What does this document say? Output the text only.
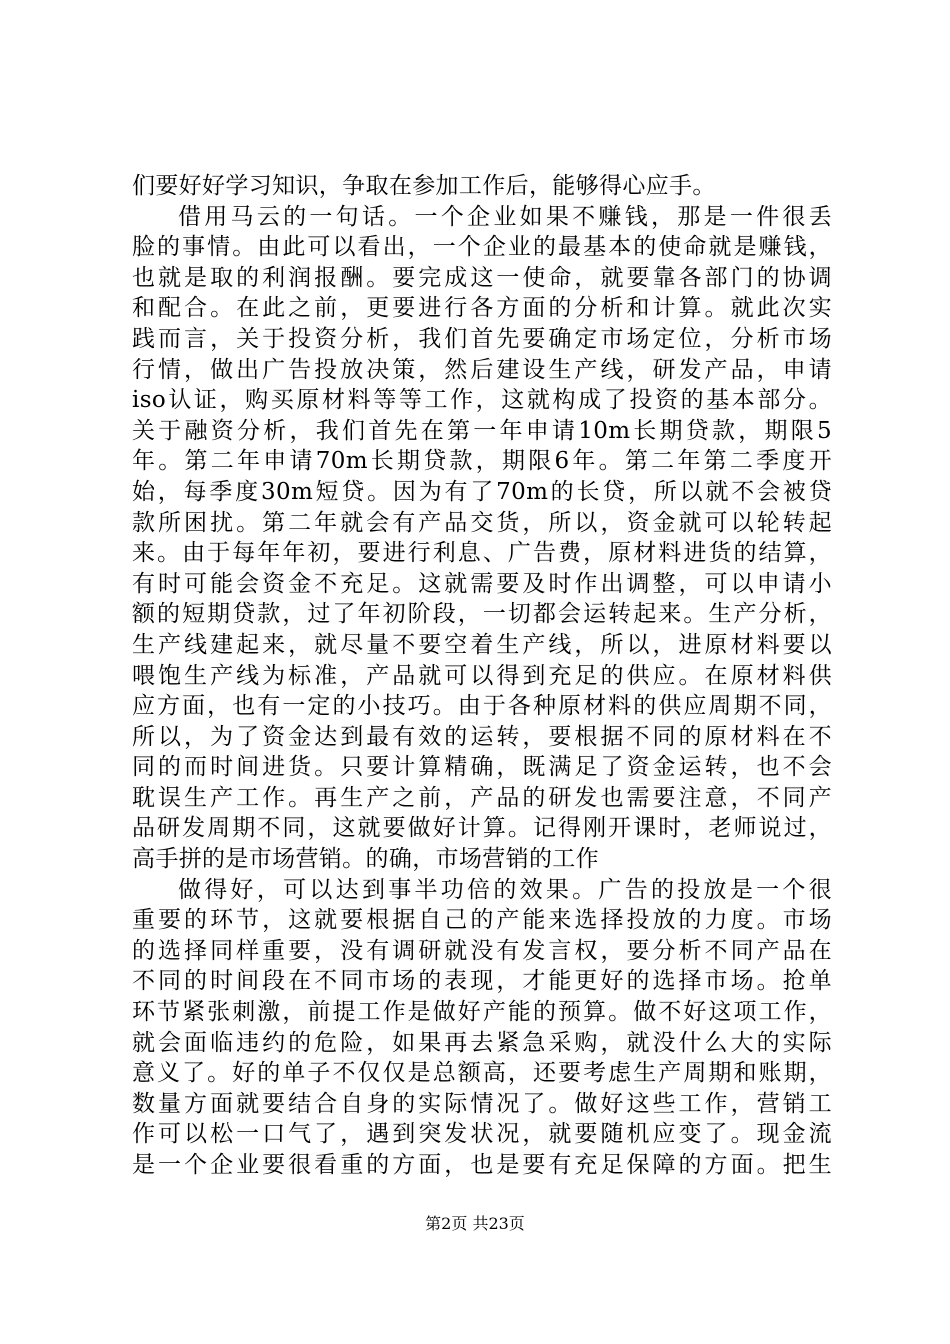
们要好好学习知识，争取在参加工作后，能够得心应手。
借用马云的一句话。一个企业如果不赚钱，那是一件很丢
脸的事情。由此可以看出，一个企业的最基本的使命就是赚钱，
也就是取的利润报酬。要完成这一使命，就要靠各部门的协调
和配合。在此之前，更要进行各方面的分析和计算。就此次实
践而言，关于投资分析，我们首先要确定市场定位，分析市场
行情，做出广告投放决策，然后建设生产线，研发产品，申请
iso认证，购买原材料等等工作，这就构成了投资的基本部分。
关于融资分析，我们首先在第一年申请10m长期贷款，期限5
年。第二年申请70m长期贷款，期限6年。第二年第二季度开
始，每季度30m短贷。因为有了70m的长贷，所以就不会被贷
款所困扰。第二年就会有产品交货，所以，资金就可以轮转起
来。由于每年年初，要进行利息、广告费，原材料进货的结算，
有时可能会资金不充足。这就需要及时作出调整，可以申请小
额的短期贷款，过了年初阶段，一切都会运转起来。生产分析，
生产线建起来，就尽量不要空着生产线，所以，进原材料要以
喂饱生产线为标准，产品就可以得到充足的供应。在原材料供
应方面，也有一定的小技巧。由于各种原材料的供应周期不同，
所以，为了资金达到最有效的运转，要根据不同的原材料在不
同的而时间进货。只要计算精确，既满足了资金运转，也不会
耽误生产工作。再生产之前，产品的研发也需要注意，不同产
品研发周期不同，这就要做好计算。记得刚开课时，老师说过，
高手拼的是市场营销。的确，市场营销的工作
做得好，可以达到事半功倍的效果。广告的投放是一个很
重要的环节，这就要根据自己的产能来选择投放的力度。市场
的选择同样重要，没有调研就没有发言权，要分析不同产品在
不同的时间段在不同市场的表现，才能更好的选择市场。抢单
环节紧张刺激，前提工作是做好产能的预算。做不好这项工作，
就会面临违约的危险，如果再去紧急采购，就没什么大的实际
意义了。好的单子不仅仅是总额高，还要考虑生产周期和账期，
数量方面就要结合自身的实际情况了。做好这些工作，营销工
作可以松一口气了，遇到突发状况，就要随机应变了。现金流
是一个企业要很看重的方面，也是要有充足保障的方面。把生
第2页 共23页
